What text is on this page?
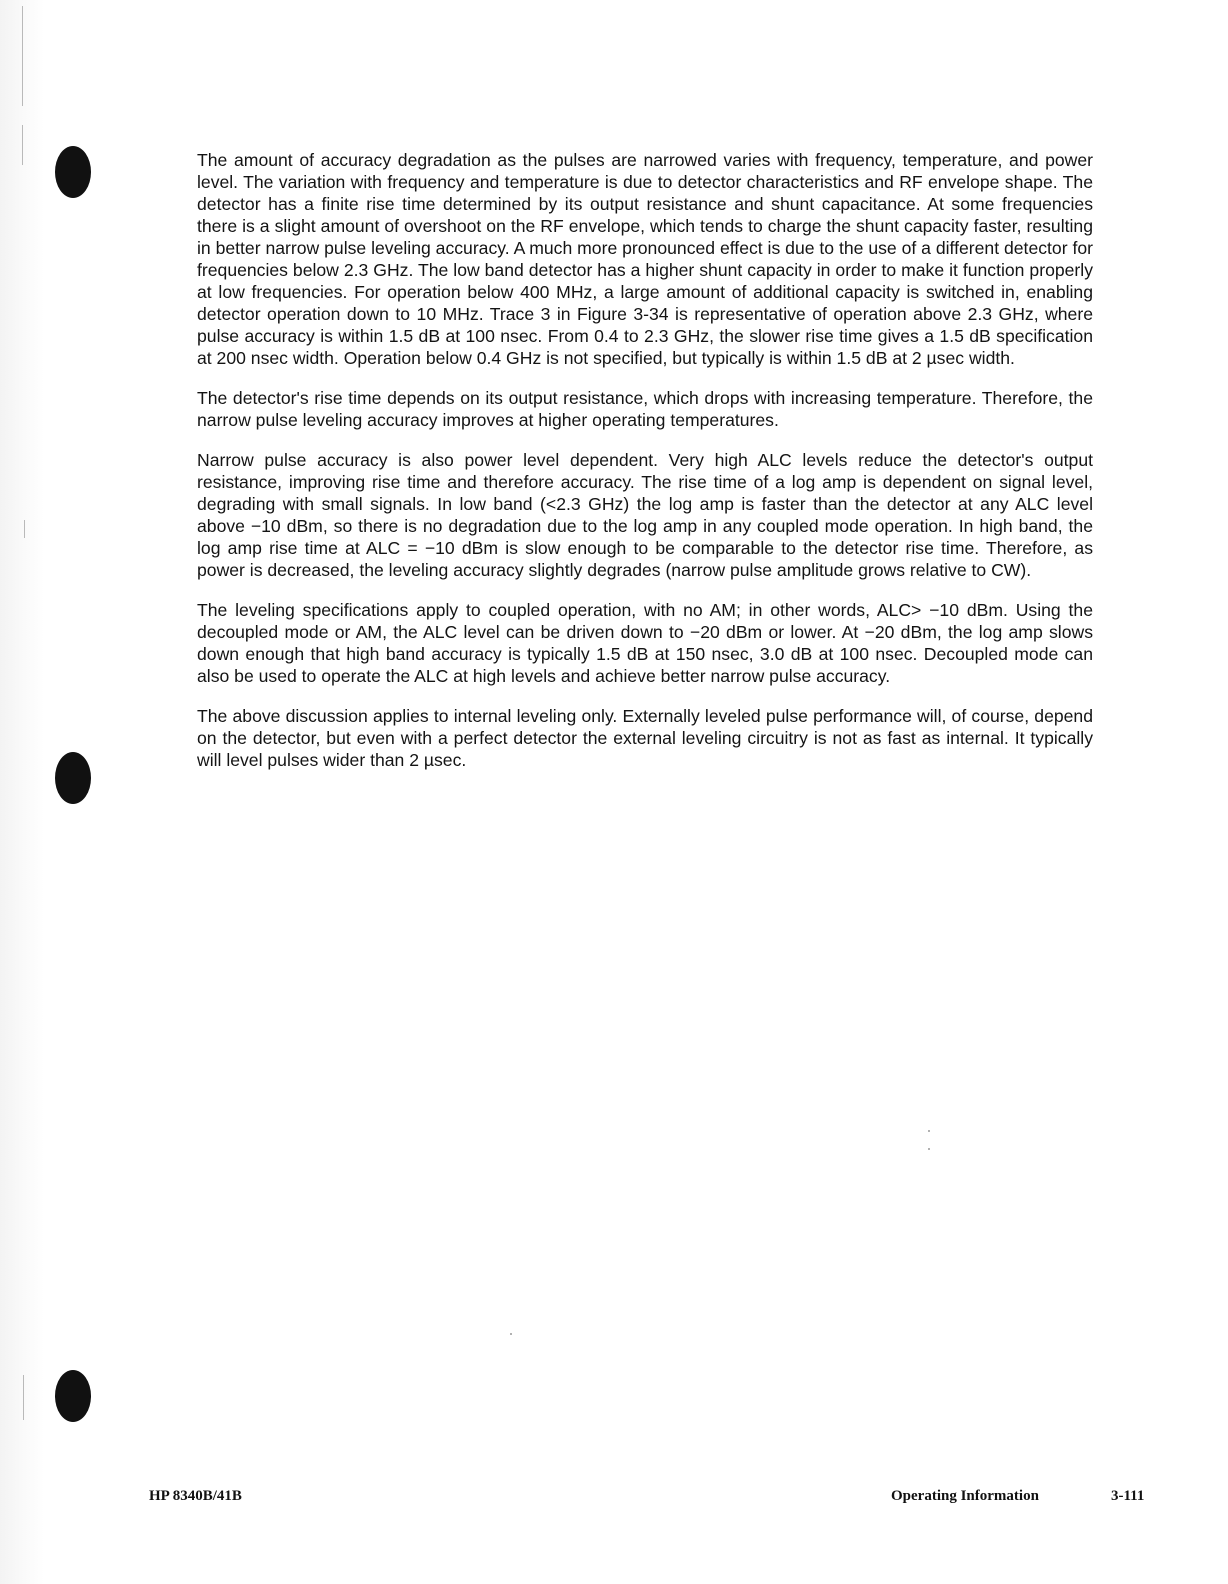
The amount of accuracy degradation as the pulses are narrowed varies with frequency, temperature, and power level. The variation with frequency and temperature is due to detector characteristics and RF envelope shape. The detector has a finite rise time determined by its output resistance and shunt capacitance. At some frequencies there is a slight amount of overshoot on the RF envelope, which tends to charge the shunt capacity faster, resulting in better narrow pulse leveling accuracy. A much more pronounced effect is due to the use of a different detector for frequencies below 2.3 GHz. The low band detector has a higher shunt capacity in order to make it function properly at low frequencies. For operation below 400 MHz, a large amount of additional capacity is switched in, enabling detector operation down to 10 MHz. Trace 3 in Figure 3-34 is representative of operation above 2.3 GHz, where pulse accuracy is within 1.5 dB at 100 nsec. From 0.4 to 2.3 GHz, the slower rise time gives a 1.5 dB specification at 200 nsec width. Operation below 0.4 GHz is not specified, but typically is within 1.5 dB at 2 µsec width.

The detector's rise time depends on its output resistance, which drops with increasing temperature. Therefore, the narrow pulse leveling accuracy improves at higher operating temperatures.

Narrow pulse accuracy is also power level dependent. Very high ALC levels reduce the detector's output resistance, improving rise time and therefore accuracy. The rise time of a log amp is dependent on signal level, degrading with small signals. In low band (<2.3 GHz) the log amp is faster than the detector at any ALC level above −10 dBm, so there is no degradation due to the log amp in any coupled mode operation. In high band, the log amp rise time at ALC = −10 dBm is slow enough to be comparable to the detector rise time. Therefore, as power is decreased, the leveling accuracy slightly degrades (narrow pulse amplitude grows relative to CW).

The leveling specifications apply to coupled operation, with no AM; in other words, ALC> −10 dBm. Using the decoupled mode or AM, the ALC level can be driven down to −20 dBm or lower. At −20 dBm, the log amp slows down enough that high band accuracy is typically 1.5 dB at 150 nsec, 3.0 dB at 100 nsec. Decoupled mode can also be used to operate the ALC at high levels and achieve better narrow pulse accuracy.

The above discussion applies to internal leveling only. Externally leveled pulse performance will, of course, depend on the detector, but even with a perfect detector the external leveling circuitry is not as fast as internal. It typically will level pulses wider than 2 µsec.

HP 8340B/41B	Operating Information	3-111
